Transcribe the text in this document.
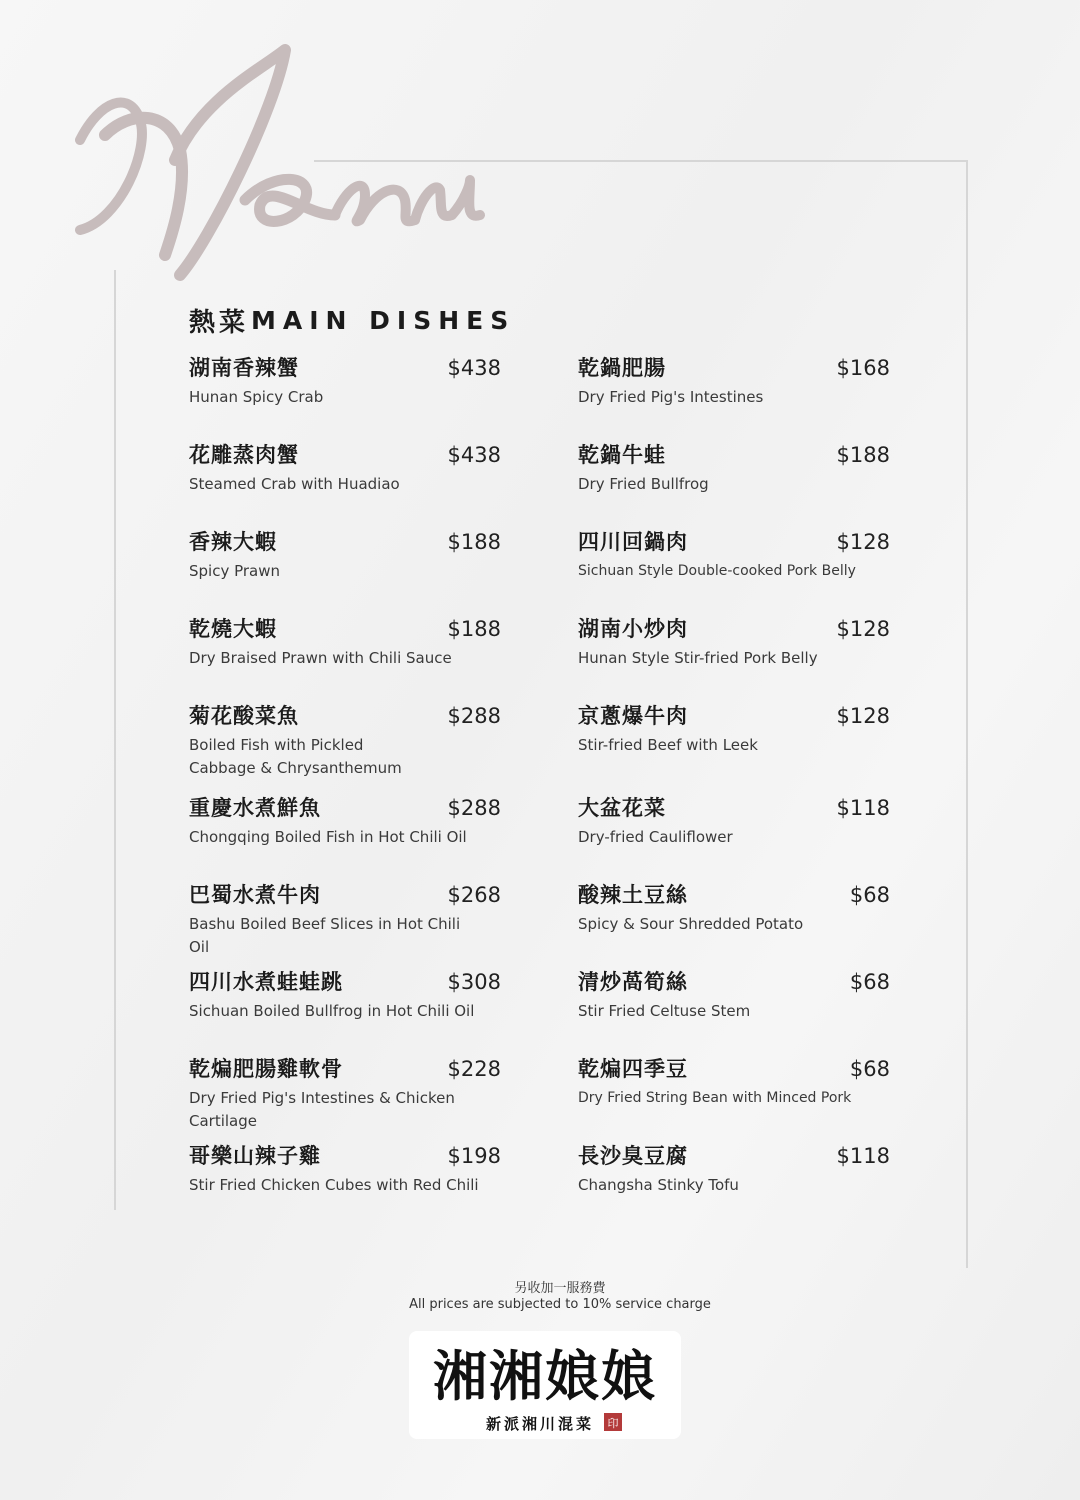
熱菜 MAIN DISHES
湖南香辣蟹	$438
Hunan Spicy Crab
花雕蒸肉蟹	$438
Steamed Crab with Huadiao
香辣大蝦	$188
Spicy Prawn
乾燒大蝦	$188
Dry Braised Prawn with Chili Sauce
菊花酸菜魚	$288
Boiled Fish with Pickled Cabbage & Chrysanthemum
重慶水煮鮮魚	$288
Chongqing Boiled Fish in Hot Chili Oil
巴蜀水煮牛肉	$268
Bashu Boiled Beef Slices in Hot Chili Oil
四川水煮蛙蛙跳	$308
Sichuan Boiled Bullfrog in Hot Chili Oil
乾煸肥腸雞軟骨	$228
Dry Fried Pig's Intestines & Chicken Cartilage
哥樂山辣子雞	$198
Stir Fried Chicken Cubes with Red Chili
乾鍋肥腸	$168
Dry Fried Pig's Intestines
乾鍋牛蛙	$188
Dry Fried Bullfrog
四川回鍋肉	$128
Sichuan Style Double-cooked Pork Belly
湖南小炒肉	$128
Hunan Style Stir-fried Pork Belly
京蔥爆牛肉	$128
Stir-fried Beef with Leek
大盆花菜	$118
Dry-fried Cauliflower
酸辣土豆絲	$68
Spicy & Sour Shredded Potato
清炒萵筍絲	$68
Stir Fried Celtuse Stem
乾煸四季豆	$68
Dry Fried String Bean with Minced Pork
長沙臭豆腐	$118
Changsha Stinky Tofu
另收加一服務費
All prices are subjected to 10% service charge
湘湘娘娘
新派湘川混菜 印
